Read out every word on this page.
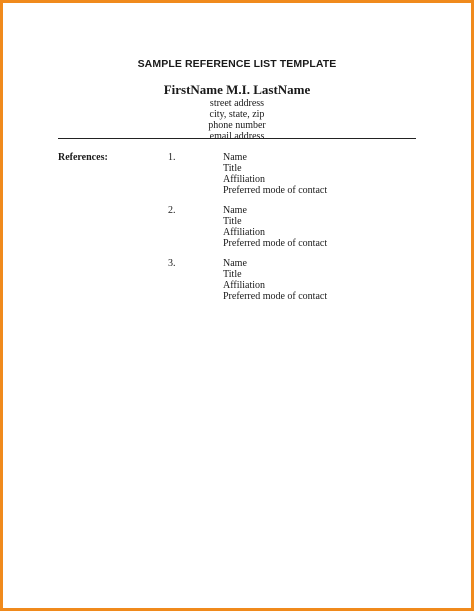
SAMPLE REFERENCE LIST TEMPLATE
FirstName M.I. LastName
street address
city, state, zip
phone number
email address
References:	1.	Name
Title
Affiliation
Preferred mode of contact
2.	Name
Title
Affiliation
Preferred mode of contact
3.	Name
Title
Affiliation
Preferred mode of contact
